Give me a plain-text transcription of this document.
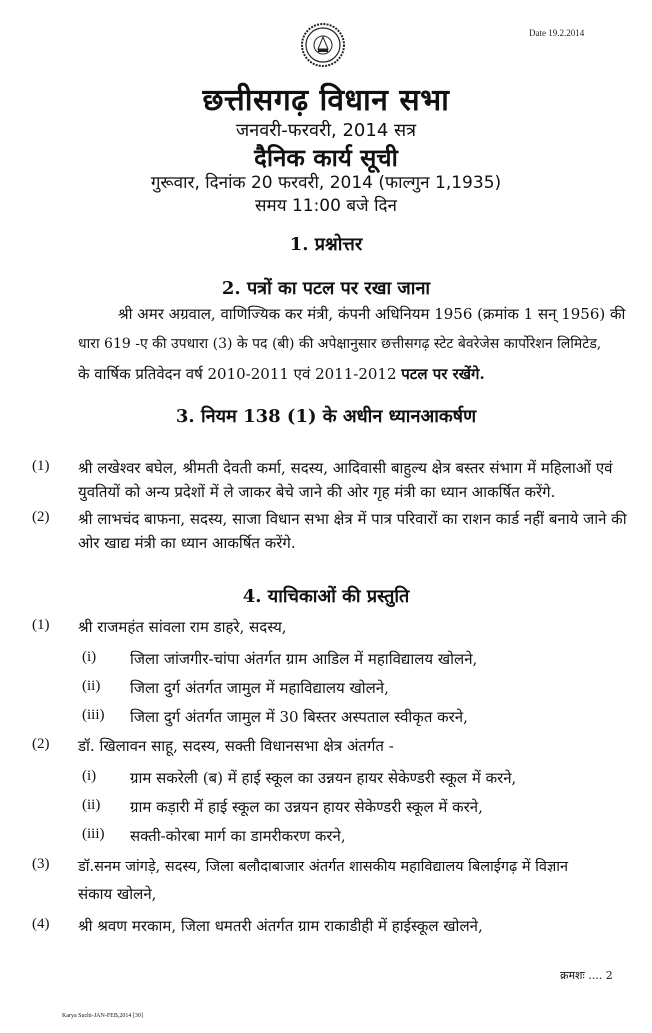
Date 19.2.2014
छत्तीसगढ़ विधान सभा
जनवरी-फरवरी, 2014 सत्र
दैनिक कार्य सूची
गुरूवार, दिनांक 20 फरवरी, 2014 (फाल्गुन 1,1935)
समय 11:00 बजे दिन
1. प्रश्नोत्तर
2. पत्रों का पटल पर रखा जाना
श्री अमर अग्रवाल, वाणिज्यिक कर मंत्री, कंपनी अधिनियम 1956 (क्रमांक 1 सन् 1956) की
धारा 619 -ए की उपधारा (3) के पद (बी) की अपेक्षानुसार छत्तीसगढ़ स्टेट बेवरेजेस कार्पोरेशन लिमिटेड,
के वार्षिक प्रतिवेदन वर्ष 2010-2011 एवं 2011-2012 पटल पर रखेंगे.
3. नियम 138 (1) के अधीन ध्यानआकर्षण
(1) श्री लखेश्वर बघेल, श्रीमती देवती कर्मा, सदस्य, आदिवासी बाहुल्य क्षेत्र बस्तर संभाग में महिलाओं एवं
युवतियों को अन्य प्रदेशों में ले जाकर बेचे जाने की ओर गृह मंत्री का ध्यान आकर्षित करेंगे.
(2) श्री लाभचंद बाफना, सदस्य, साजा विधान सभा क्षेत्र में पात्र परिवारों का राशन कार्ड नहीं बनाये जाने की
ओर खाद्य मंत्री का ध्यान आकर्षित करेंगे.
4. याचिकाओं की प्रस्तुति
(1) श्री राजमहंत सांवला राम डाहरे, सदस्य,
(i) जिला जांजगीर-चांपा अंतर्गत ग्राम आडिल में महाविद्यालय खोलने,
(ii) जिला दुर्ग अंतर्गत जामुल में महाविद्यालय खोलने,
(iii) जिला दुर्ग अंतर्गत जामुल में 30 बिस्तर अस्पताल स्वीकृत करने,
(2) डॉ. खिलावन साहू, सदस्य, सक्ती विधानसभा क्षेत्र अंतर्गत -
(i) ग्राम सकरेली (ब) में हाई स्कूल का उन्नयन हायर सेकेण्डरी स्कूल में करने,
(ii) ग्राम कड़ारी में हाई स्कूल का उन्नयन हायर सेकेण्डरी स्कूल में करने,
(iii) सक्ती-कोरबा मार्ग का डामरीकरण करने,
(3) डॉ.सनम जांगड़े, सदस्य, जिला बलौदाबाजार अंतर्गत शासकीय महाविद्यालय बिलाईगढ़ में विज्ञान
संकाय खोलने,
(4) श्री श्रवण मरकाम, जिला धमतरी अंतर्गत ग्राम राकाडीही में हाईस्कूल खोलने,
क्रमशः .... 2
Karya Suchi-JAN-FEB,2014 [30]
